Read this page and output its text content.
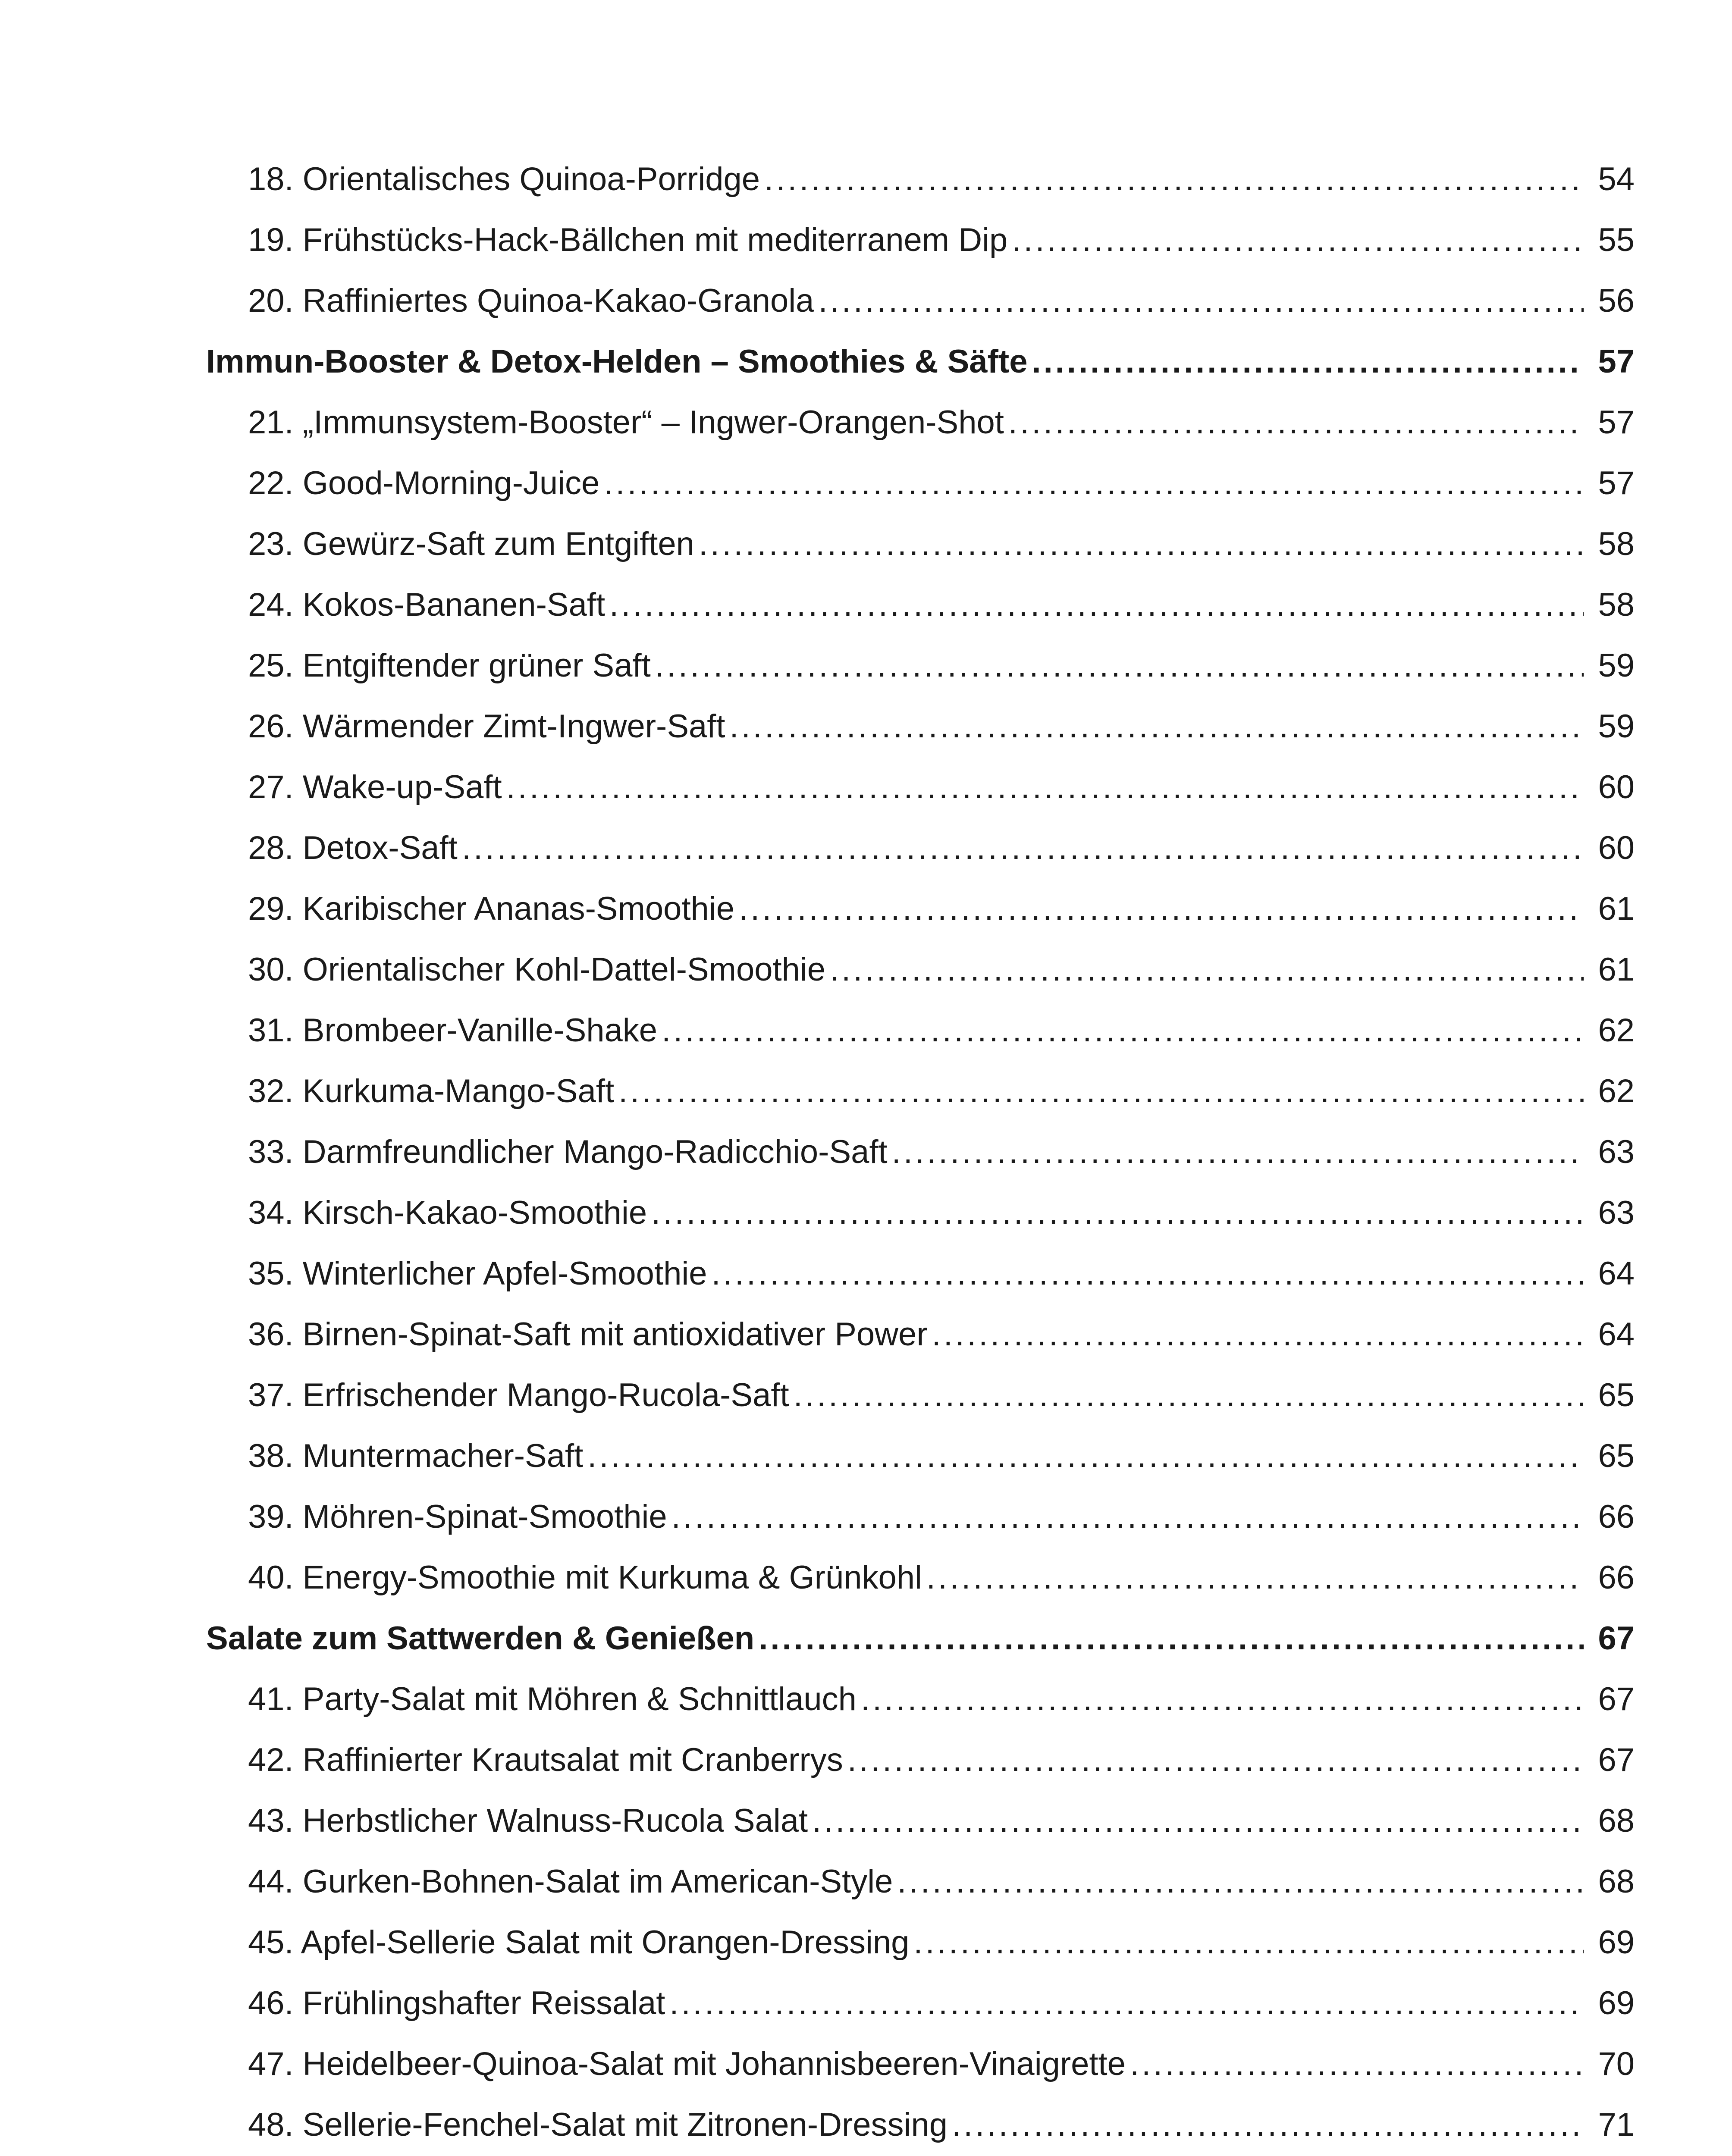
18. Orientalisches Quinoa-Porridge .....	54
19. Frühstücks-Hack-Bällchen mit mediterranem Dip .....	55
20. Raffiniertes Quinoa-Kakao-Granola .....	56
Immun-Booster & Detox-Helden – Smoothies & Säfte .....	57
21. „Immunsystem-Booster“ – Ingwer-Orangen-Shot .....	57
22. Good-Morning-Juice .....	57
23. Gewürz-Saft zum Entgiften .....	58
24. Kokos-Bananen-Saft .....	58
25. Entgiftender grüner Saft .....	59
26. Wärmender Zimt-Ingwer-Saft .....	59
27. Wake-up-Saft .....	60
28. Detox-Saft .....	60
29. Karibischer Ananas-Smoothie .....	61
30. Orientalischer Kohl-Dattel-Smoothie .....	61
31. Brombeer-Vanille-Shake .....	62
32. Kurkuma-Mango-Saft .....	62
33. Darmfreundlicher Mango-Radicchio-Saft .....	63
34. Kirsch-Kakao-Smoothie .....	63
35. Winterlicher Apfel-Smoothie .....	64
36. Birnen-Spinat-Saft mit antioxidativer Power .....	64
37. Erfrischender Mango-Rucola-Saft .....	65
38. Muntermacher-Saft .....	65
39. Möhren-Spinat-Smoothie .....	66
40. Energy-Smoothie mit Kurkuma & Grünkohl .....	66
Salate zum Sattwerden & Genießen .....	67
41. Party-Salat mit Möhren & Schnittlauch .....	67
42. Raffinierter Krautsalat mit Cranberrys .....	67
43. Herbstlicher Walnuss-Rucola Salat .....	68
44. Gurken-Bohnen-Salat im American-Style .....	68
45. Apfel-Sellerie Salat mit Orangen-Dressing .....	69
46. Frühlingshafter Reissalat .....	69
47. Heidelbeer-Quinoa-Salat mit Johannisbeeren-Vinaigrette .....	70
48. Sellerie-Fenchel-Salat mit Zitronen-Dressing .....	71
.....
